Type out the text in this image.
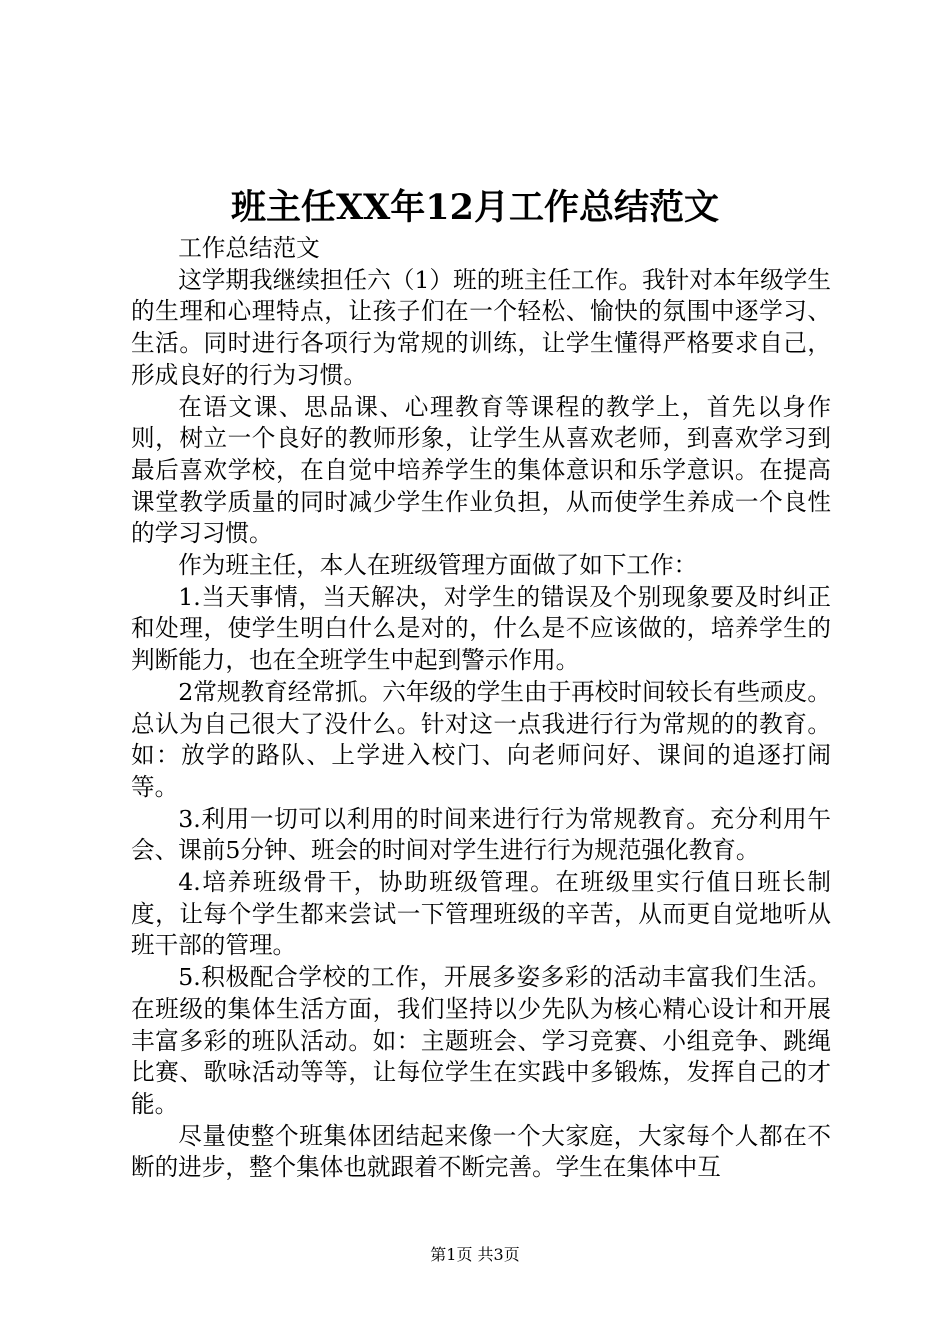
班主任XX年12月工作总结范文

工作总结范文

这学期我继续担任六（1）班的班主任工作。我针对本年级学生的生理和心理特点，让孩子们在一个轻松、愉快的氛围中逐学习、生活。同时进行各项行为常规的训练，让学生懂得严格要求自己，形成良好的行为习惯。

在语文课、思品课、心理教育等课程的教学上，首先以身作则，树立一个良好的教师形象，让学生从喜欢老师，到喜欢学习到最后喜欢学校，在自觉中培养学生的集体意识和乐学意识。在提高课堂教学质量的同时减少学生作业负担，从而使学生养成一个良性的学习习惯。

作为班主任，本人在班级管理方面做了如下工作：

1.当天事情，当天解决，对学生的错误及个别现象要及时纠正和处理，使学生明白什么是对的，什么是不应该做的，培养学生的判断能力，也在全班学生中起到警示作用。

2常规教育经常抓。六年级的学生由于再校时间较长有些顽皮。总认为自己很大了没什么。针对这一点我进行行为常规的的教育。如：放学的路队、上学进入校门、向老师问好、课间的追逐打闹等。

3.利用一切可以利用的时间来进行行为常规教育。充分利用午会、课前5分钟、班会的时间对学生进行行为规范强化教育。

4.培养班级骨干，协助班级管理。在班级里实行值日班长制度，让每个学生都来尝试一下管理班级的辛苦，从而更自觉地听从班干部的管理。

5.积极配合学校的工作，开展多姿多彩的活动丰富我们生活。在班级的集体生活方面，我们坚持以少先队为核心精心设计和开展丰富多彩的班队活动。如：主题班会、学习竞赛、小组竞争、跳绳比赛、歌咏活动等等，让每位学生在实践中多锻炼，发挥自己的才能。

尽量使整个班集体团结起来像一个大家庭，大家每个人都在不断的进步，整个集体也就跟着不断完善。学生在集体中互

第1页 共3页
